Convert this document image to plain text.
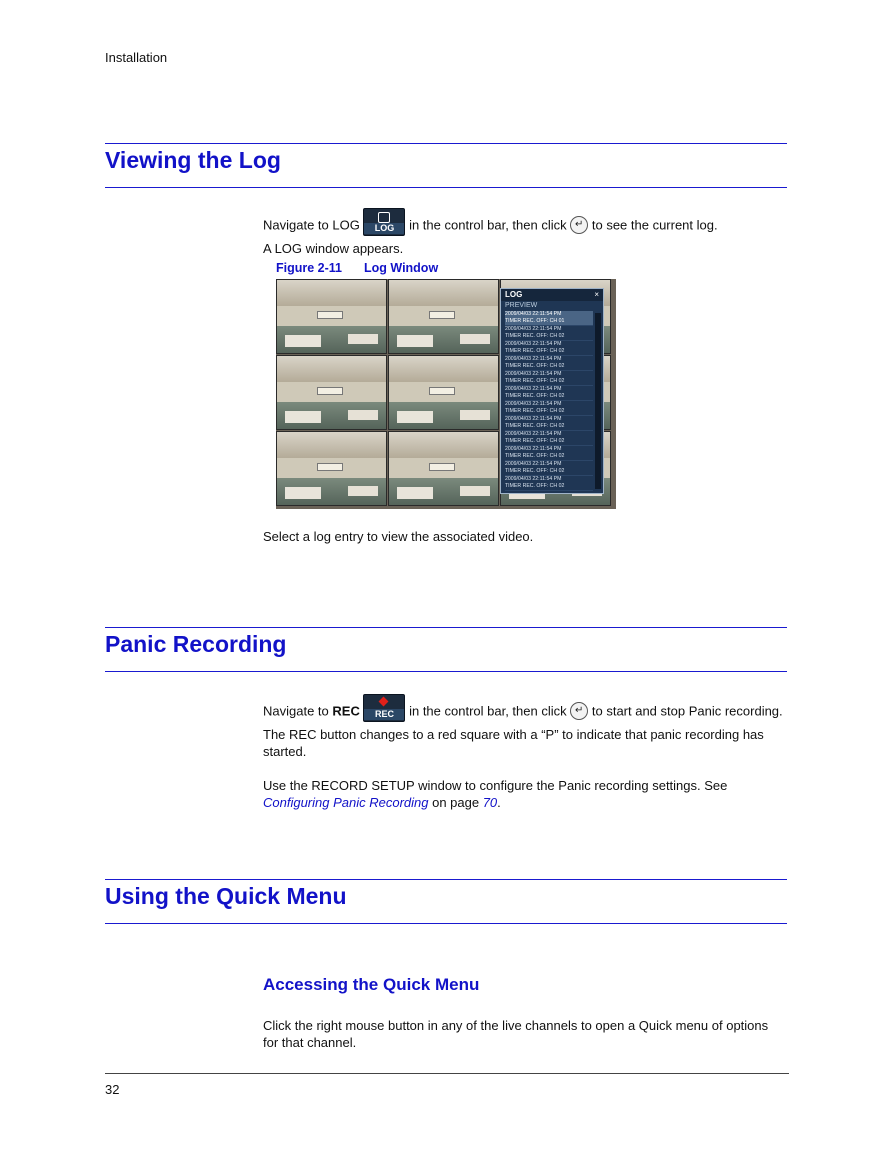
Installation
Viewing the Log

Navigate to LOG	LOG	in the control bar, then click ↵ to see the current log.

A LOG window appears.

Figure 2-11 Log Window
LOG	×
PREVIEW
2009/04/03 22:11:54 PM
TIMER REC. OFF: CH 01
2009/04/03 22:11:54 PM
TIMER REC. OFF: CH 02
2009/04/03 22:11:54 PM
TIMER REC. OFF: CH 02
2009/04/03 22:11:54 PM
TIMER REC. OFF: CH 02
2009/04/03 22:11:54 PM
TIMER REC. OFF: CH 02
2009/04/03 22:11:54 PM
TIMER REC. OFF: CH 02
2009/04/03 22:11:54 PM
TIMER REC. OFF: CH 02
2009/04/03 22:11:54 PM
TIMER REC. OFF: CH 02
2009/04/03 22:11:54 PM
TIMER REC. OFF: CH 02
2009/04/03 22:11:54 PM
TIMER REC. OFF: CH 02
2009/04/03 22:11:54 PM
TIMER REC. OFF: CH 02
2009/04/03 22:11:54 PM
TIMER REC. OFF: CH 02
Select a log entry to view the associated video.
Panic Recording

Navigate to REC	REC	in the control bar, then click ↵ to start and stop Panic recording.

The REC button changes to a red square with a “P” to indicate that panic recording has

started.

Use the RECORD SETUP window to configure the Panic recording settings. See
Configuring Panic Recording on page 70.

Using the Quick Menu
Accessing the Quick Menu

Click the right mouse button in any of the live channels to open a Quick menu of options

for that channel.

32
